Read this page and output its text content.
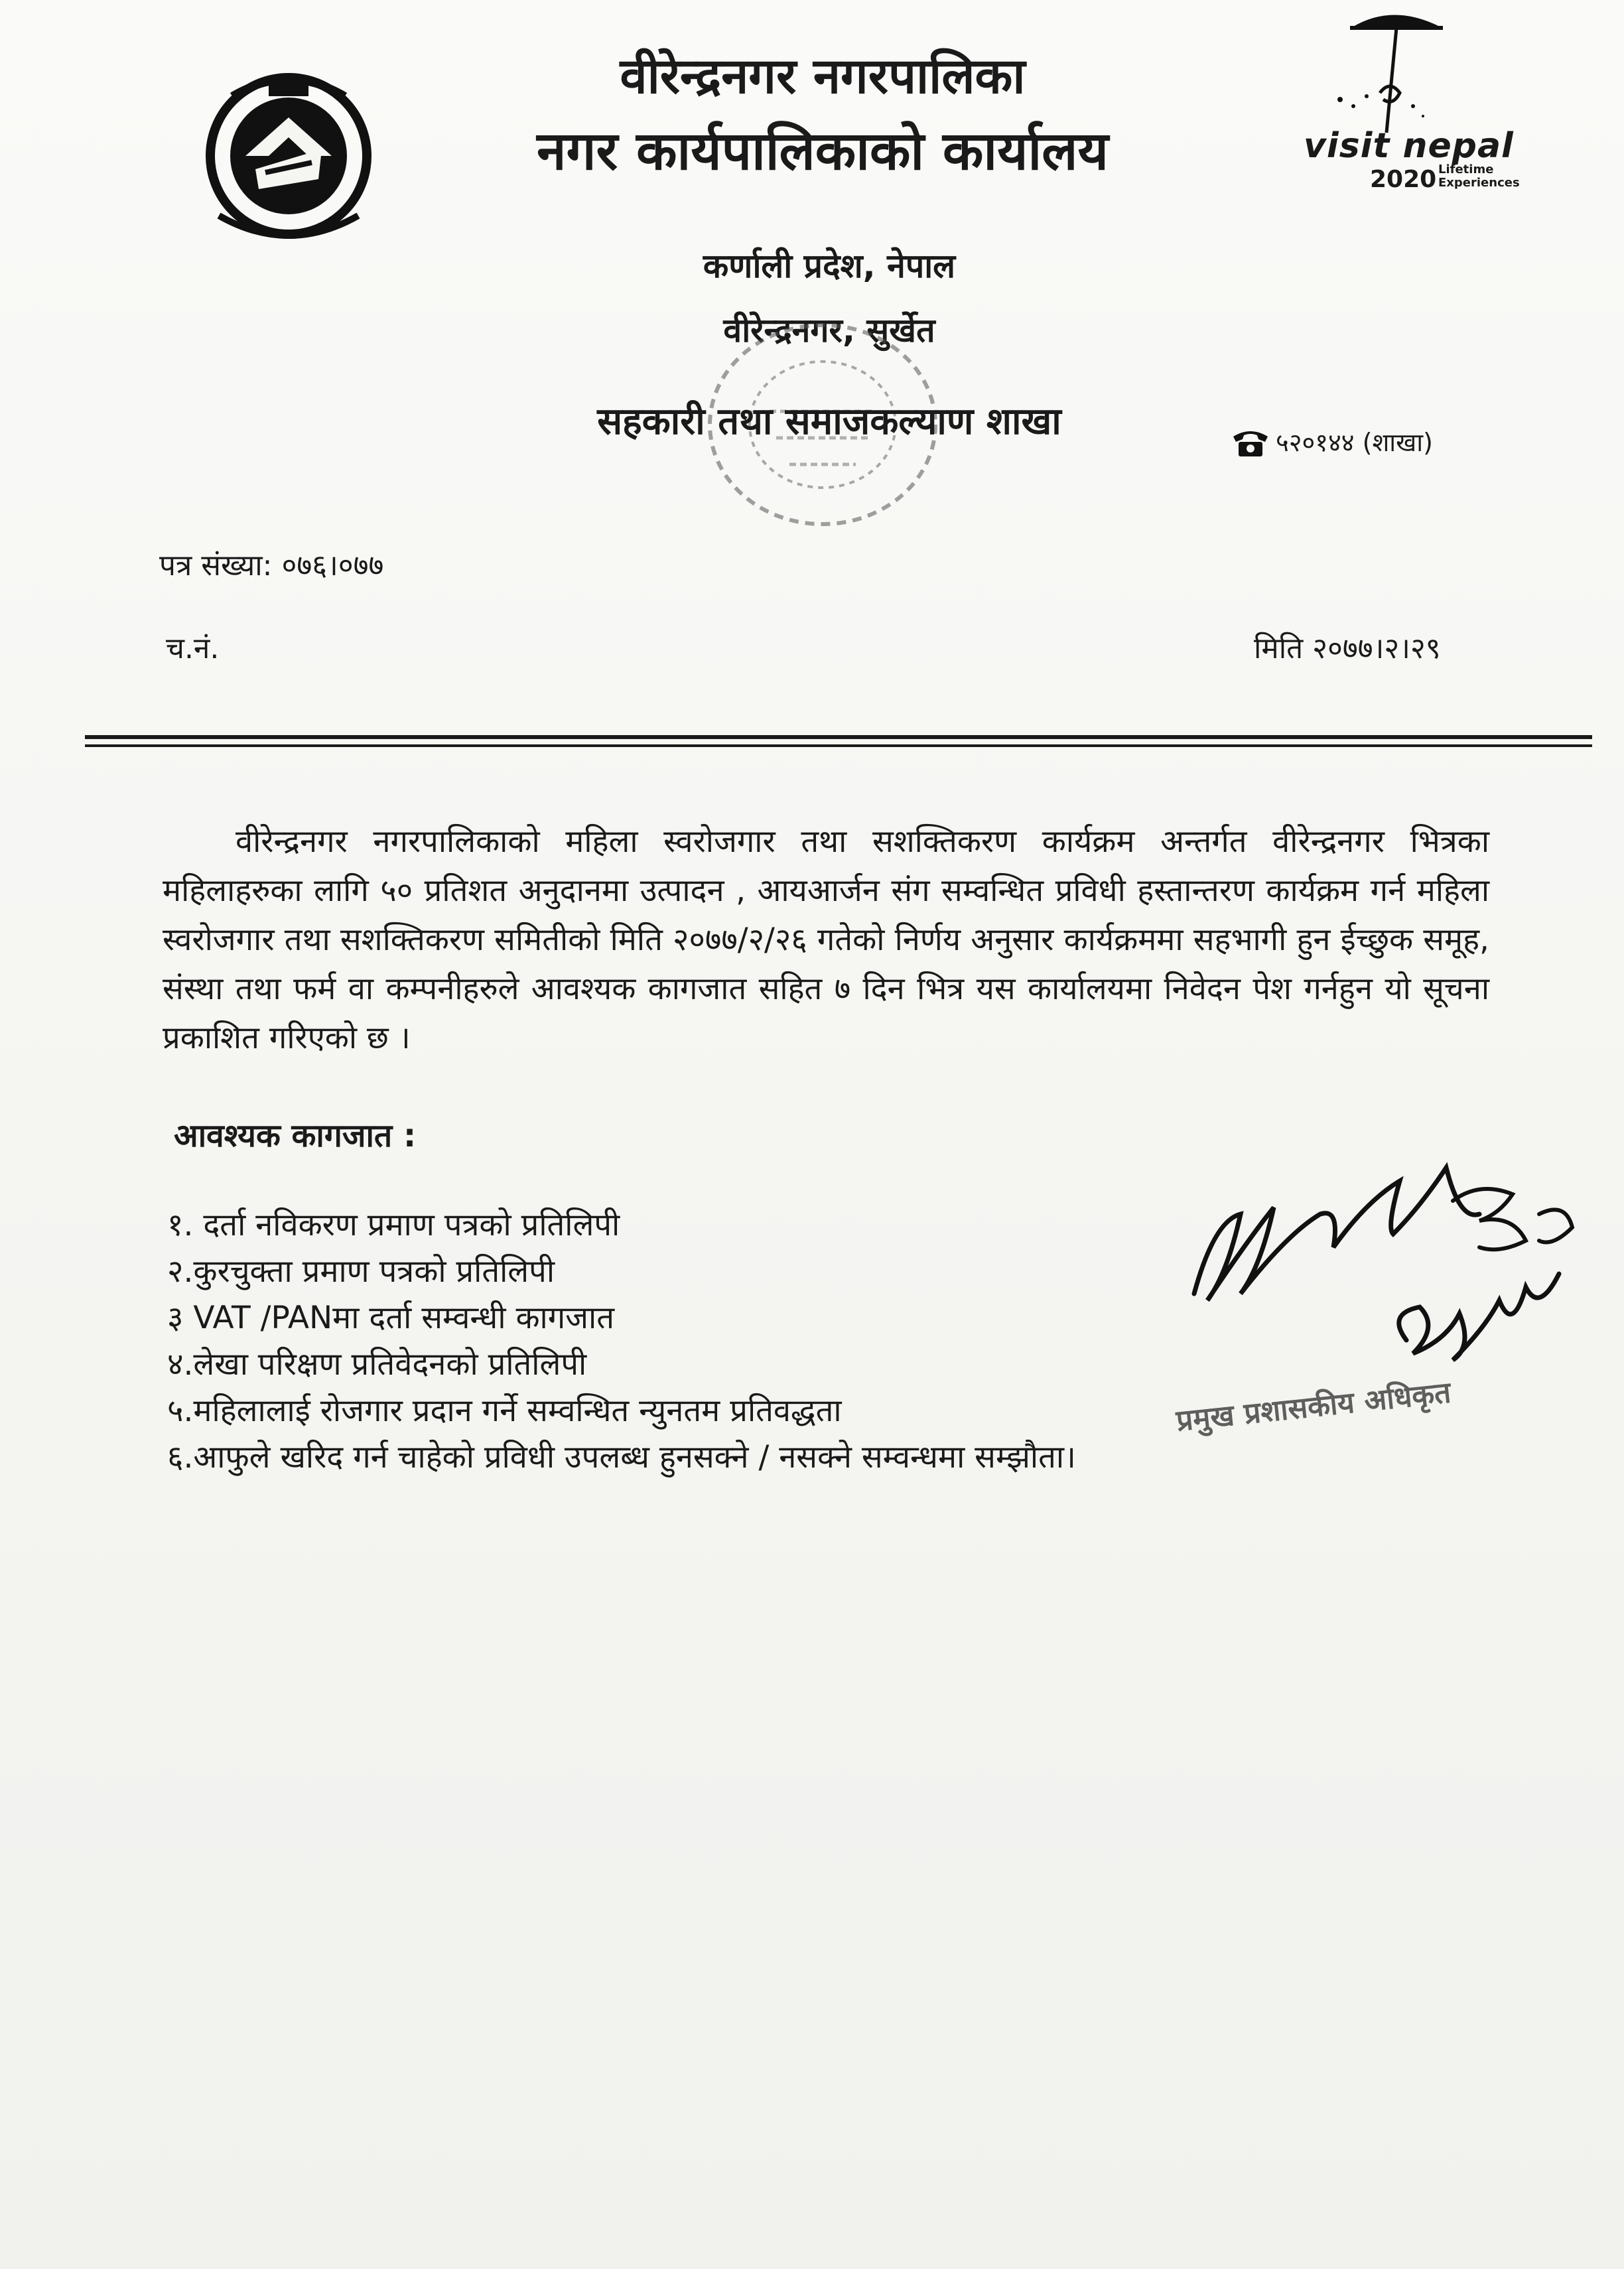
वीरेन्द्रनगर नगरपालिका
नगर कार्यपालिकाको कार्यालय	visit nepal
2020 Lifetime Experiences
कर्णाली प्रदेश, नेपाल
वीरेन्द्रनगर, सुर्खेत
सहकारी तथा समाजकल्याण शाखा	५२०१४४ (शाखा)
पत्र संख्या: ०७६।०७७
च.नं.	मिति २०७७।२।२९

वीरेन्द्रनगर नगरपालिकाको महिला स्वरोजगार तथा सशक्तिकरण कार्यक्रम अन्तर्गत वीरेन्द्रनगर भित्रका महिलाहरुका लागि ५० प्रतिशत अनुदानमा उत्पादन , आयआर्जन संग सम्वन्धित प्रविधी हस्तान्तरण कार्यक्रम गर्न महिला स्वरोजगार तथा सशक्तिकरण समितीको मिति २०७७/२/२६ गतेको निर्णय अनुसार कार्यक्रममा सहभागी हुन ईच्छुक समूह, संस्था तथा फर्म वा कम्पनीहरुले आवश्यक कागजात सहित ७ दिन भित्र यस कार्यालयमा निवेदन पेश गर्नहुन यो सूचना प्रकाशित गरिएको छ ।

आवश्यक कागजात :
१. दर्ता नविकरण प्रमाण पत्रको प्रतिलिपी
२.कुरचुक्ता प्रमाण पत्रको प्रतिलिपी
३ VAT /PANमा दर्ता सम्वन्धी कागजात
४.लेखा परिक्षण प्रतिवेदनको प्रतिलिपी
५.महिलालाई रोजगार प्रदान गर्ने सम्वन्धित न्युनतम प्रतिवद्धता
६.आफुले खरिद गर्न चाहेको प्रविधी उपलब्ध हुनसक्ने / नसक्ने सम्वन्धमा सम्झौता।
प्रमुख प्रशासकीय अधिकृत
